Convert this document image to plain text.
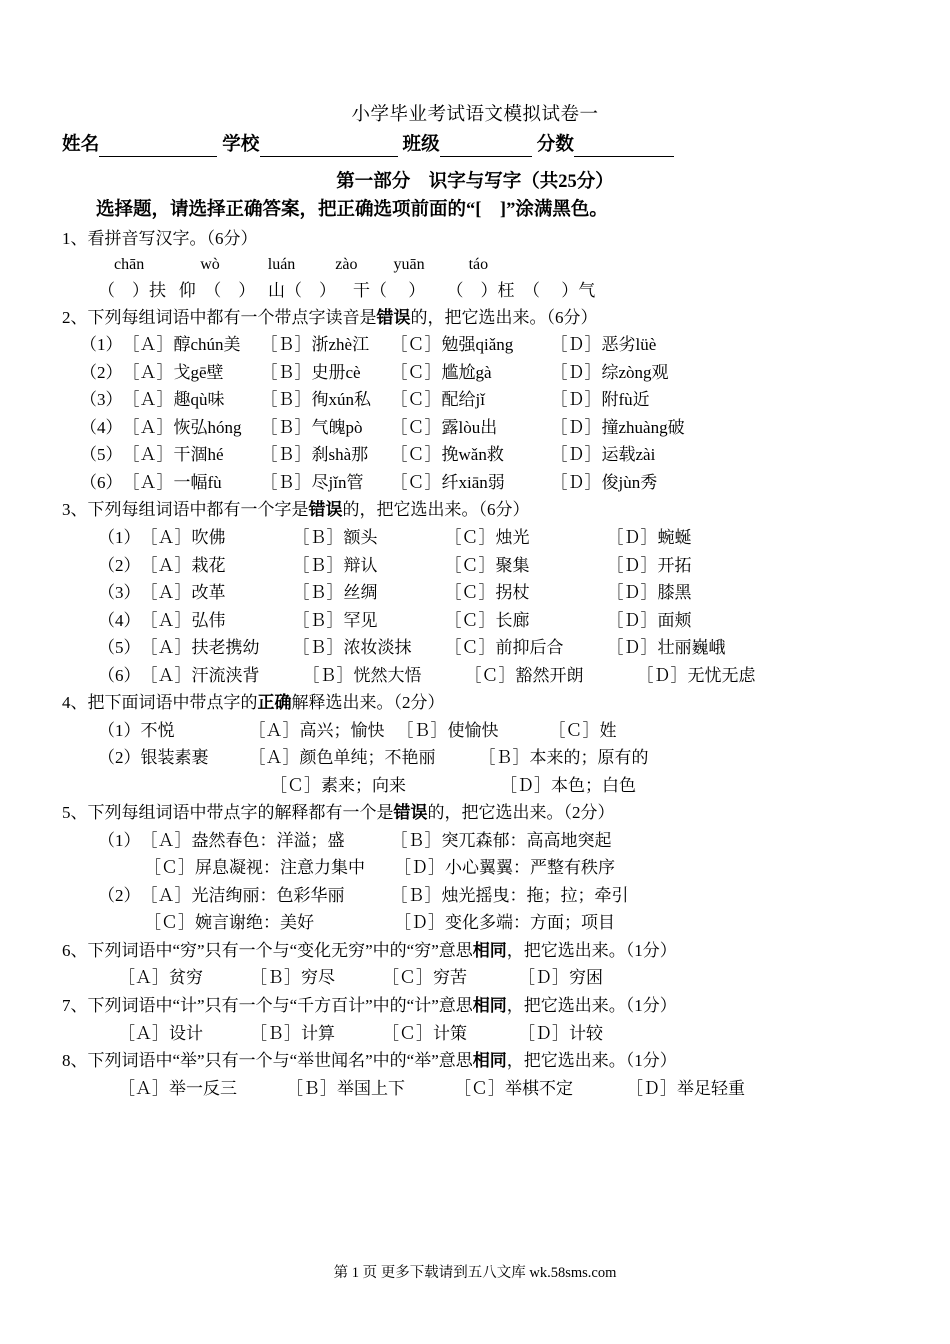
小学毕业考试语文模拟试卷一
姓名	学校	班级	分数
第一部分　识字与写字（共25分）
选择题，请选择正确答案，把正确选项前面的“[　]”涂满黑色。
1、看拼音写汉字。（6分）
chān              wò            luán          zào         yuān           táo
（    ）扶   仰  （    ）   山（    ）    干（     ）     （    ）枉  （     ）气
2、下列每组词语中都有一个带点字读音是错误的，把它选出来。（6分）
（1）［Ａ］醇chún美 ［Ｂ］浙zhè江 ［Ｃ］勉强qiǎng ［Ｄ］恶劣lüè
（2）［Ａ］戈gē壁 ［Ｂ］史册cè ［Ｃ］尴尬gà	［Ｄ］综zòng观
（3）［Ａ］趣qù味 ［Ｂ］徇xún私 ［Ｃ］配给jǐ	［Ｄ］附fù近
（4）［Ａ］恢弘hóng ［Ｂ］气魄pò ［Ｃ］露lòu出	［Ｄ］撞zhuàng破
（5）［Ａ］干涸hé ［Ｂ］刹shà那 ［Ｃ］挽wǎn救	［Ｄ］运载zài
（6）［Ａ］一幅fù ［Ｂ］尽jǐn管 ［Ｃ］纤xiān弱	［Ｄ］俊jùn秀
3、下列每组词语中都有一个字是错误的，把它选出来。（6分）
（1）［Ａ］吹佛	［Ｂ］额头	［Ｃ］烛光	［Ｄ］蜿蜒
（2）［Ａ］栽花	［Ｂ］辩认	［Ｃ］聚集	［Ｄ］开拓
（3）［Ａ］改革	［Ｂ］丝绸	［Ｃ］拐杖	［Ｄ］膝黑
（4）［Ａ］弘伟	［Ｂ］罕见	［Ｃ］长廊	［Ｄ］面颊
（5）［Ａ］扶老携幼 ［Ｂ］浓妆淡抹 ［Ｃ］前抑后合	［Ｄ］壮丽巍峨
（6）［Ａ］汗流浃背	［Ｂ］恍然大悟	［Ｃ］豁然开朗	［Ｄ］无忧无虑
4、把下面词语中带点字的正确解释选出来。（2分）
（1）不悦	［Ａ］高兴；愉快 ［Ｂ］使愉快	［Ｃ］姓
（2）银装素裹 ［Ａ］颜色单纯；不艳丽	［Ｂ］本来的；原有的
［Ｃ］素来；向来	［Ｄ］本色；白色
5、下列每组词语中带点字的解释都有一个是错误的，把它选出来。（2分）
（1）［Ａ］盎然春色：洋溢；盛	［Ｂ］突兀森郁：高高地突起
［Ｃ］屏息凝视：注意力集中 ［Ｄ］小心翼翼：严整有秩序
（2）［Ａ］光洁绚丽：色彩华丽	［Ｂ］烛光摇曳：拖；拉；牵引
［Ｃ］婉言谢绝：美好	［Ｄ］变化多端：方面；项目
6、下列词语中“穷”只有一个与“变化无穷”中的“穷”意思相同，把它选出来。（1分）
［Ａ］贫穷	［Ｂ］穷尽	［Ｃ］穷苦	［Ｄ］穷困
7、下列词语中“计”只有一个与“千方百计”中的“计”意思相同，把它选出来。（1分）
［Ａ］设计	［Ｂ］计算	［Ｃ］计策	［Ｄ］计较
8、下列词语中“举”只有一个与“举世闻名”中的“举”意思相同，把它选出来。（1分）
［Ａ］举一反三	［Ｂ］举国上下	［Ｃ］举棋不定	［Ｄ］举足轻重
第 1 页 更多下载请到五八文库 wk.58sms.com
